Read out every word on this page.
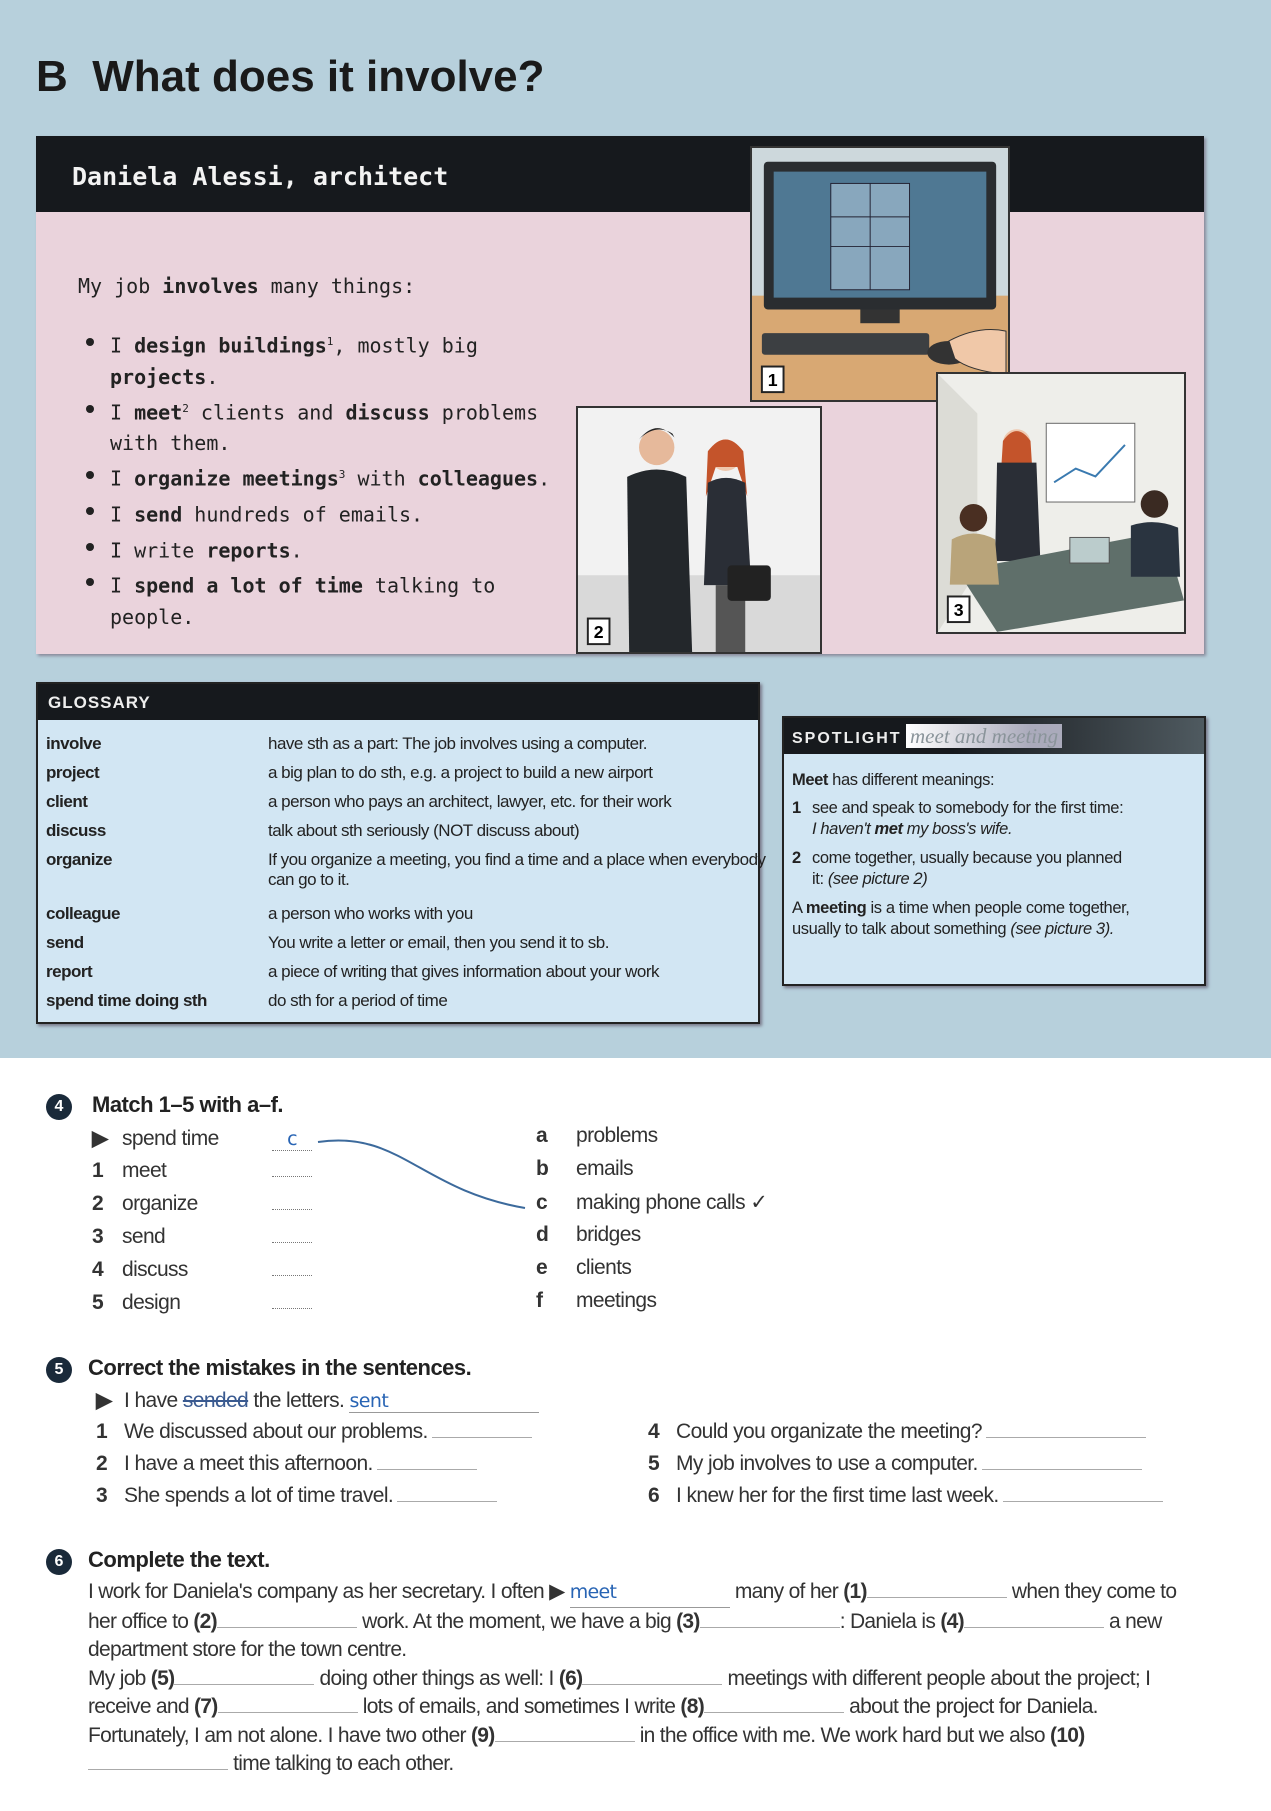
B What does it involve?
Daniela Alessi, architect
My job involves many things:
I design buildings$^1$, mostly big projects.
I meet$^2$ clients and discuss problems with them.
I organize meetings$^3$ with colleagues.
I send hundreds of emails.
I write reports.
I spend a lot of time talking to people.
1
2
3
GLOSSARY
involve	have sth as a part: The job involves using a computer.
project	a big plan to do sth, e.g. a project to build a new airport
client	a person who pays an architect, lawyer, etc. for their work
discuss	talk about sth seriously (NOT discuss about)
organize	If you organize a meeting, you find a time and a place when everybody can go to it.
colleague	a person who works with you
send	You write a letter or email, then you send it to sb.
report	a piece of writing that gives information about your work
spend time doing sth	do sth for a period of time
SPOTLIGHT meet and meeting
Meet has different meanings:
1 see and speak to somebody for the first time:
I haven't met my boss's wife.
2 come together, usually because you planned it: (see picture 2)
A meeting is a time when people come together, usually to talk about something (see picture 3).
4	Match 1–5 with a–f.
▶ spend time	c
1 meet
2 organize
3 send
4 discuss
5 design
a problems
b emails
c making phone calls ✓
d bridges
e clients
f meetings
5	Correct the mistakes in the sentences.
▶ I have sended the letters. sent
1 We discussed about our problems.
2 I have a meet this afternoon.
3 She spends a lot of time travel.
4 Could you organizate the meeting?
5 My job involves to use a computer.
6 I knew her for the first time last week.
6	Complete the text.
I work for Daniela's company as her secretary. I often ▶ meet	many of her (1)	when they come to her office to (2)	work. At the moment, we have a big (3)	: Daniela is (4)	a new department store for the town centre.
My job (5)	doing other things as well: I (6)	meetings with different people about the project; I receive and (7)	lots of emails, and sometimes I write (8)	about the project for Daniela. Fortunately, I am not alone. I have two other (9)	in the office with me. We work hard but we also (10) time talking to each other.
